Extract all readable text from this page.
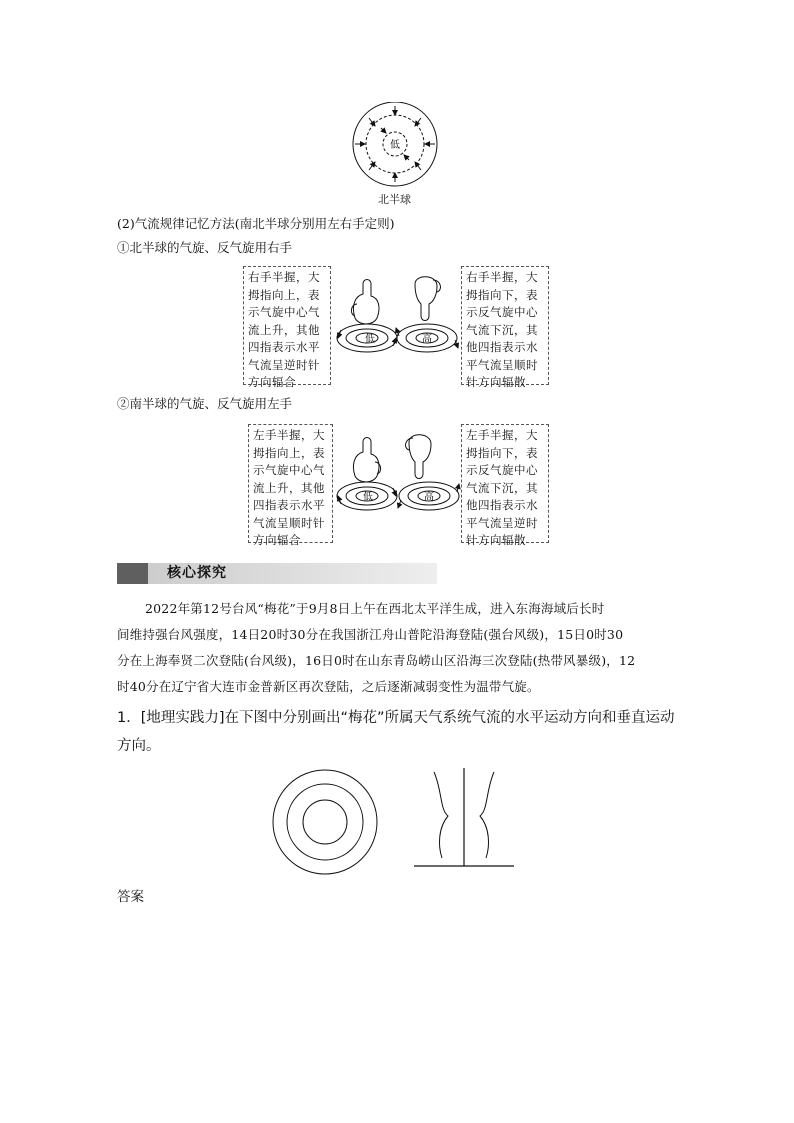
低
北半球
(2)气流规律记忆方法(南北半球分别用左右手定则)
①北半球的气旋、反气旋用右手
右手半握，大
拇指向上，表
示气旋中心气
流上升，其他
四指表示水平
气流呈逆时针
方向辐合
低	高
右手半握，大
拇指向下，表
示反气旋中心
气流下沉，其
他四指表示水
平气流呈顺时
针方向辐散
②南半球的气旋、反气旋用左手
左手半握，大
拇指向上，表
示气旋中心气
流上升，其他
四指表示水平
气流呈顺时针
方向辐合
低	高
左手半握，大
拇指向下，表
示反气旋中心
气流下沉，其
他四指表示水
平气流呈逆时
针方向辐散
核心探究
2022年第12号台风“梅花”于9月8日上午在西北太平洋生成，进入东海海域后长时
间维持强台风强度，14日20时30分在我国浙江舟山普陀沿海登陆(强台风级)，15日0时30
分在上海奉贤二次登陆(台风级)，16日0时在山东青岛崂山区沿海三次登陆(热带风暴级)，12
时40分在辽宁省大连市金普新区再次登陆，之后逐渐减弱变性为温带气旋。
1．[地理实践力]在下图中分别画出“梅花”所属天气系统气流的水平运动方向和垂直运动
方向。
答案
